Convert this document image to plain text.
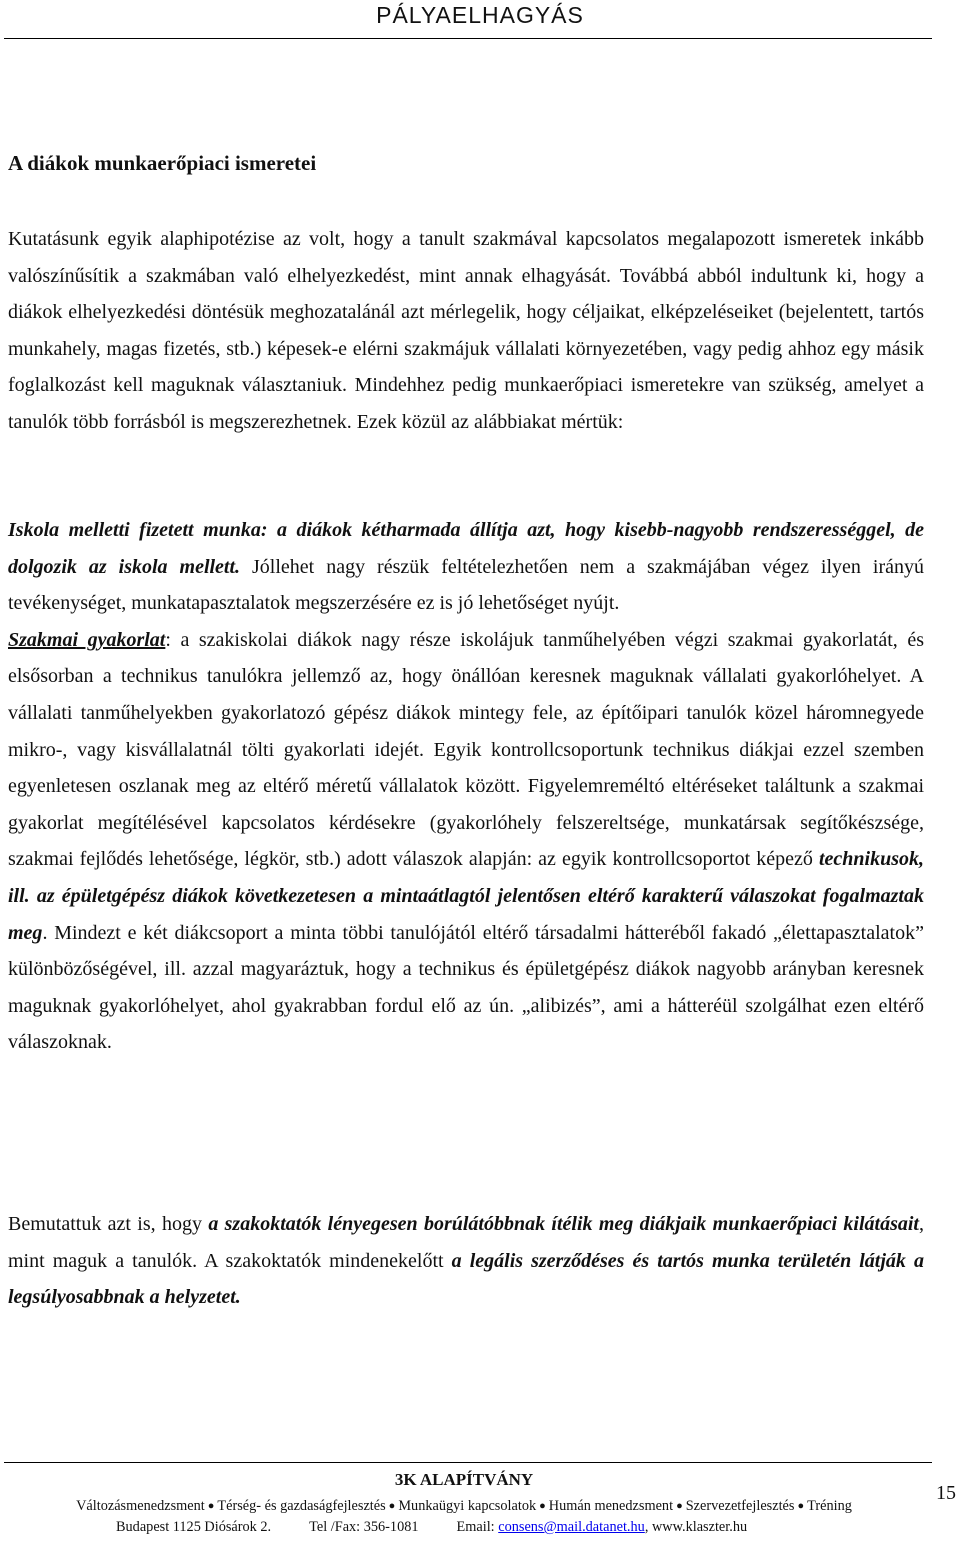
PÁLYAELHAGYÁS
A diákok munkaerőpiaci ismeretei
Kutatásunk egyik alaphipotézise az volt, hogy a tanult szakmával kapcsolatos megalapozott ismeretek inkább valószínűsítik a szakmában való elhelyezkedést, mint annak elhagyását. Továbbá abból indultunk ki, hogy a diákok elhelyezkedési döntésük meghozatalánál azt mérlegelik, hogy céljaikat, elképzeléseiket (bejelentett, tartós munkahely, magas fizetés, stb.) képesek-e elérni szakmájuk vállalati környezetében, vagy pedig ahhoz egy másik foglalkozást kell maguknak választaniuk. Mindehhez pedig munkaerőpiaci ismeretekre van szükség, amelyet a tanulók több forrásból is megszerezhetnek. Ezek közül az alábbiakat mértük:
Iskola melletti fizetett munka: a diákok kétharmada állítja azt, hogy kisebb-nagyobb rendszerességgel, de dolgozik az iskola mellett. Jóllehet nagy részük feltételezhetően nem a szakmájában végez ilyen irányú tevékenységet, munkatapasztalatok megszerzésére ez is jó lehetőséget nyújt.
Szakmai gyakorlat: a szakiskolai diákok nagy része iskolájuk tanműhelyében végzi szakmai gyakorlatát, és elsősorban a technikus tanulókra jellemző az, hogy önállóan keresnek maguknak vállalati gyakorlóhelyet. A vállalati tanműhelyekben gyakorlatozó gépész diákok mintegy fele, az építőipari tanulók közel háromnegyede mikro-, vagy kisvállalatnál tölti gyakorlati idejét. Egyik kontrollcsoportunk technikus diákjai ezzel szemben egyenletesen oszlanak meg az eltérő méretű vállalatok között. Figyelemreméltó eltéréseket találtunk a szakmai gyakorlat megítélésével kapcsolatos kérdésekre (gyakorlóhely felszereltsége, munkatársak segítőkészsége, szakmai fejlődés lehetősége, légkör, stb.) adott válaszok alapján: az egyik kontrollcsoportot képező technikusok, ill. az épületgépész diákok következetesen a mintaátlagtól jelentősen eltérő karakterű válaszokat fogalmaztak meg. Mindezt e két diákcsoport a minta többi tanulójától eltérő társadalmi hátteréből fakadó „élettapasztalatok” különbözőségével, ill. azzal magyaráztuk, hogy a technikus és épületgépész diákok nagyobb arányban keresnek maguknak gyakorlóhelyet, ahol gyakrabban fordul elő az ún. „alibizés”, ami a hátteréül szolgálhat ezen eltérő válaszoknak.
Bemutattuk azt is, hogy a szakoktatók lényegesen borúlátóbbnak ítélik meg diákjaik munkaerőpiaci kilátásait, mint maguk a tanulók. A szakoktatók mindenekelőtt a legális szerződéses és tartós munka területén látják a legsúlyosabbnak a helyzetet.
3K ALAPÍTVÁNY
Változásmenedzsment ● Térség- és gazdaságfejlesztés ● Munkaügyi kapcsolatok ● Humán menedzsment ● Szervezetfejlesztés ● Tréning
Budapest 1125 Diósárok 2.	Tel /Fax: 356-1081	Email: consens@mail.datanet.hu, www.klaszter.hu
15
